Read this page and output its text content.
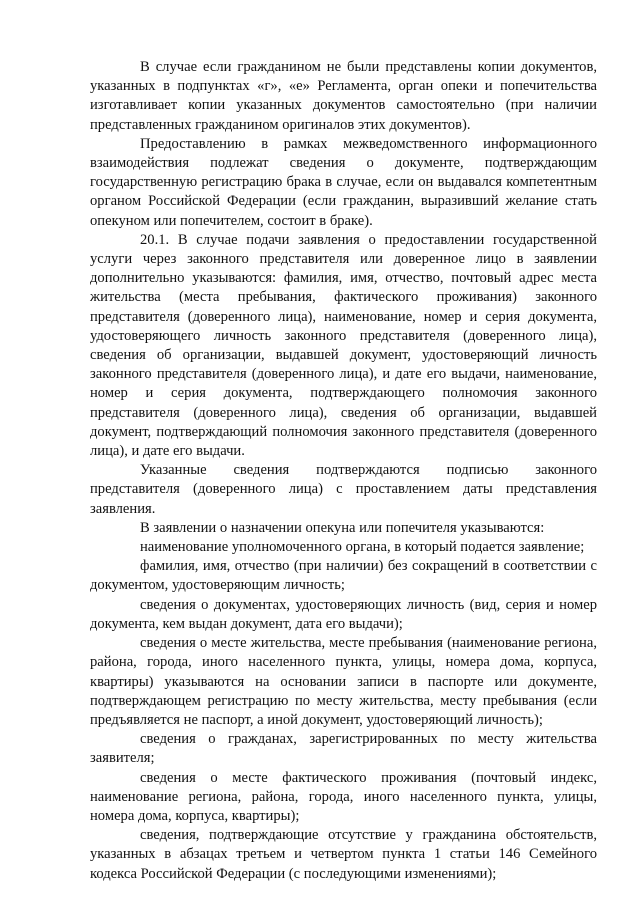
В случае если гражданином не были представлены копии документов, указанных в подпунктах «г», «е» Регламента, орган опеки и попечительства изготавливает копии указанных документов самостоятельно (при наличии представленных гражданином оригиналов этих документов).

Предоставлению в рамках межведомственного информационного взаимодействия подлежат сведения о документе, подтверждающим государственную регистрацию брака в случае, если он выдавался компетентным органом Российской Федерации (если гражданин, выразивший желание стать опекуном или попечителем, состоит в браке).

20.1. В случае подачи заявления о предоставлении государственной услуги через законного представителя или доверенное лицо в заявлении дополнительно указываются: фамилия, имя, отчество, почтовый адрес места жительства (места пребывания, фактического проживания) законного представителя (доверенного лица), наименование, номер и серия документа, удостоверяющего личность законного представителя (доверенного лица), сведения об организации, выдавшей документ, удостоверяющий личность законного представителя (доверенного лица), и дате его выдачи, наименование, номер и серия документа, подтверждающего полномочия законного представителя (доверенного лица), сведения об организации, выдавшей документ, подтверждающий полномочия законного представителя (доверенного лица), и дате его выдачи.

Указанные сведения подтверждаются подписью законного представителя (доверенного лица) с проставлением даты представления заявления.

В заявлении о назначении опекуна или попечителя указываются:

наименование уполномоченного органа, в который подается заявление;

фамилия, имя, отчество (при наличии) без сокращений в соответствии с документом, удостоверяющим личность;

сведения о документах, удостоверяющих личность (вид, серия и номер документа, кем выдан документ, дата его выдачи);

сведения о месте жительства, месте пребывания (наименование региона, района, города, иного населенного пункта, улицы, номера дома, корпуса, квартиры) указываются на основании записи в паспорте или документе, подтверждающем регистрацию по месту жительства, месту пребывания (если предъявляется не паспорт, а иной документ, удостоверяющий личность);

сведения о гражданах, зарегистрированных по месту жительства заявителя;

сведения о месте фактического проживания (почтовый индекс, наименование региона, района, города, иного населенного пункта, улицы, номера дома, корпуса, квартиры);

сведения, подтверждающие отсутствие у гражданина обстоятельств, указанных в абзацах третьем и четвертом пункта 1 статьи 146 Семейного кодекса Российской Федерации (с последующими изменениями);
